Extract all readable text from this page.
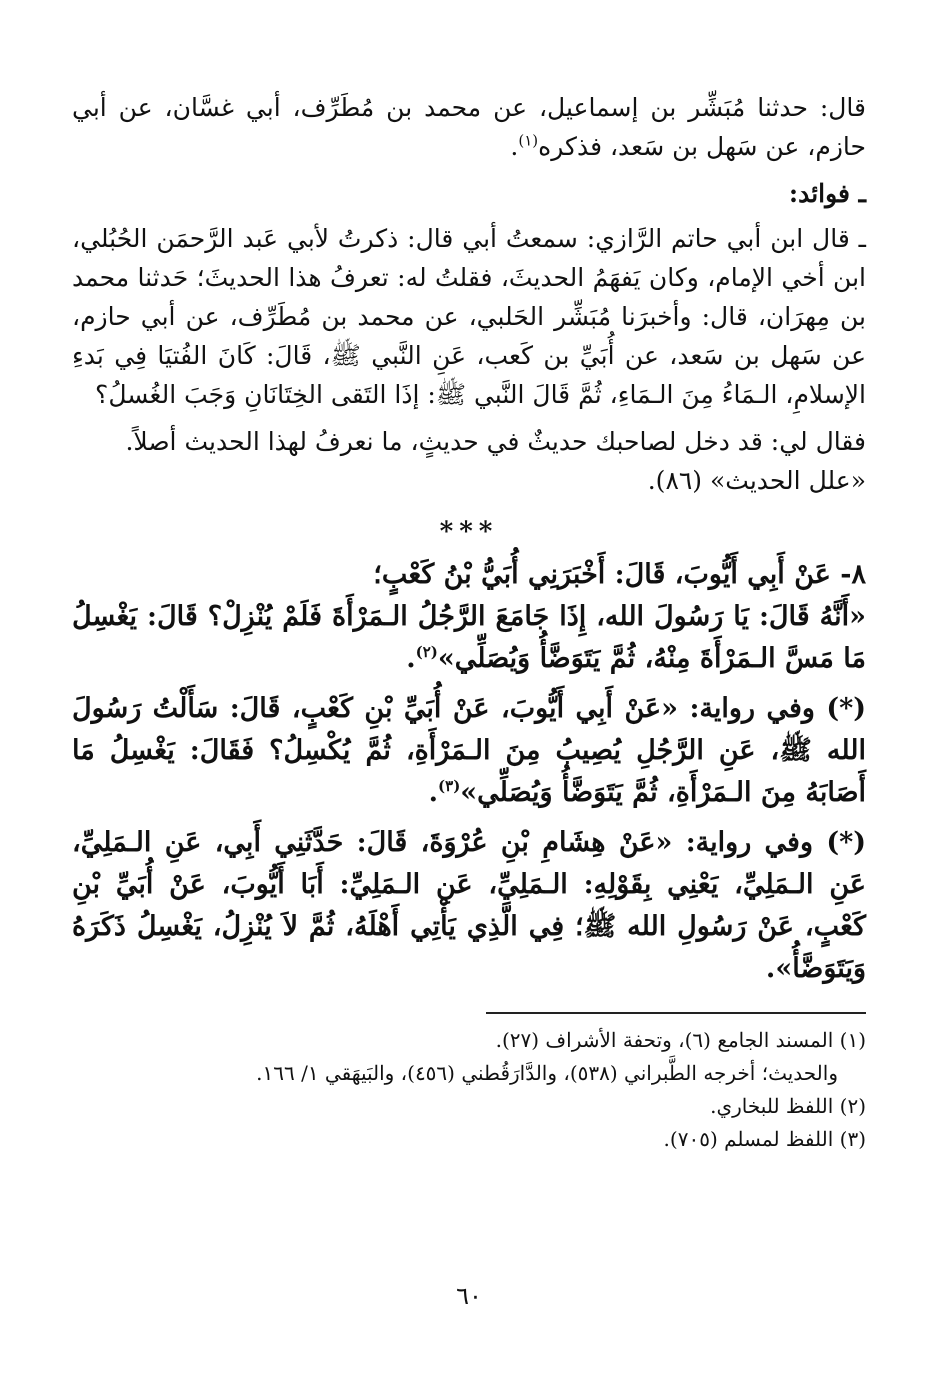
قال: حدثنا مُبَشِّر بن إسماعيل، عن محمد بن مُطَرِّف، أبي غسَّان، عن أبي حازم، عن سَهل بن سَعد، فذكره$^{(١)}$.

ـ فوائد:

ـ قال ابن أبي حاتم الرَّازي: سمعتُ أبي قال: ذكرتُ لأبي عَبد الرَّحمَن الحُبُلي، ابن أخي الإمام، وكان يَفهَمُ الحديثَ، فقلتُ له: تعرفُ هذا الحديثَ؛ حَدثنا محمد بن مِهرَان، قال: وأخبرَنا مُبَشِّر الحَلبي، عن محمد بن مُطَرِّف، عن أبي حازم، عن سَهل بن سَعد، عن أُبَيِّ بن كَعب، عَنِ النَّبي ﷺ، قَالَ: كَانَ الفُتيَا فِي بَدءِ الإسلامِ، الـمَاءُ مِنَ الـمَاءِ، ثُمَّ قَالَ النَّبي ﷺ: إذَا التَقى الخِتَانَانِ وَجَبَ الغُسلُ؟

فقال لي: قد دخل لصاحبك حديثٌ في حديثٍ، ما نعرفُ لهذا الحديث أصلاً.

«علل الحديث» (٨٦).

***

٨- عَنْ أَبِي أَيُّوبَ، قَالَ: أَخْبَرَنِي أُبَيُّ بْنُ كَعْبٍ؛

«أَنَّهُ قَالَ: يَا رَسُولَ الله، إِذَا جَامَعَ الرَّجُلُ الـمَرْأَةَ فَلَمْ يُنْزِلْ؟ قَالَ: يَغْسِلُ مَا مَسَّ الـمَرْأَةَ مِنْهُ، ثُمَّ يَتَوَضَّأُ وَيُصَلِّي»$^{(٢)}$.

(*) وفي رواية: «عَنْ أَبِي أَيُّوبَ، عَنْ أُبَيِّ بْنِ كَعْبٍ، قَالَ: سَأَلْتُ رَسُولَ الله ﷺ، عَنِ الرَّجُلِ يُصِيبُ مِنَ الـمَرْأَةِ، ثُمَّ يُكْسِلُ؟ فَقَالَ: يَغْسِلُ مَا أَصَابَهُ مِنَ الـمَرْأَةِ، ثُمَّ يَتَوَضَّأُ وَيُصَلِّي»$^{(٣)}$.

(*) وفي رواية: «عَنْ هِشَامِ بْنِ عُرْوَةَ، قَالَ: حَدَّثَنِي أَبِي، عَنِ الـمَلِيِّ، عَنِ الـمَلِيِّ، يَعْنِي بِقَوْلِهِ: الـمَلِيِّ، عَنِ الـمَلِيِّ: أَبَا أَيُّوبَ، عَنْ أُبَيِّ بْنِ كَعْبٍ، عَنْ رَسُولِ الله ﷺ؛ فِي الَّذِي يَأْتِي أَهْلَهُ، ثُمَّ لاَ يُنْزِلُ، يَغْسِلُ ذَكَرَهُ وَيَتَوَضَّأُ».

(١) المسند الجامع (٦)، وتحفة الأشراف (٢٧).

والحديث؛ أخرجه الطَّبراني (٥٣٨)، والدَّارَقُطني (٤٥٦)، والبَيهَقي ١/ ١٦٦.

(٢) اللفظ للبخاري.

(٣) اللفظ لمسلم (٧٠٥).

٦٠
